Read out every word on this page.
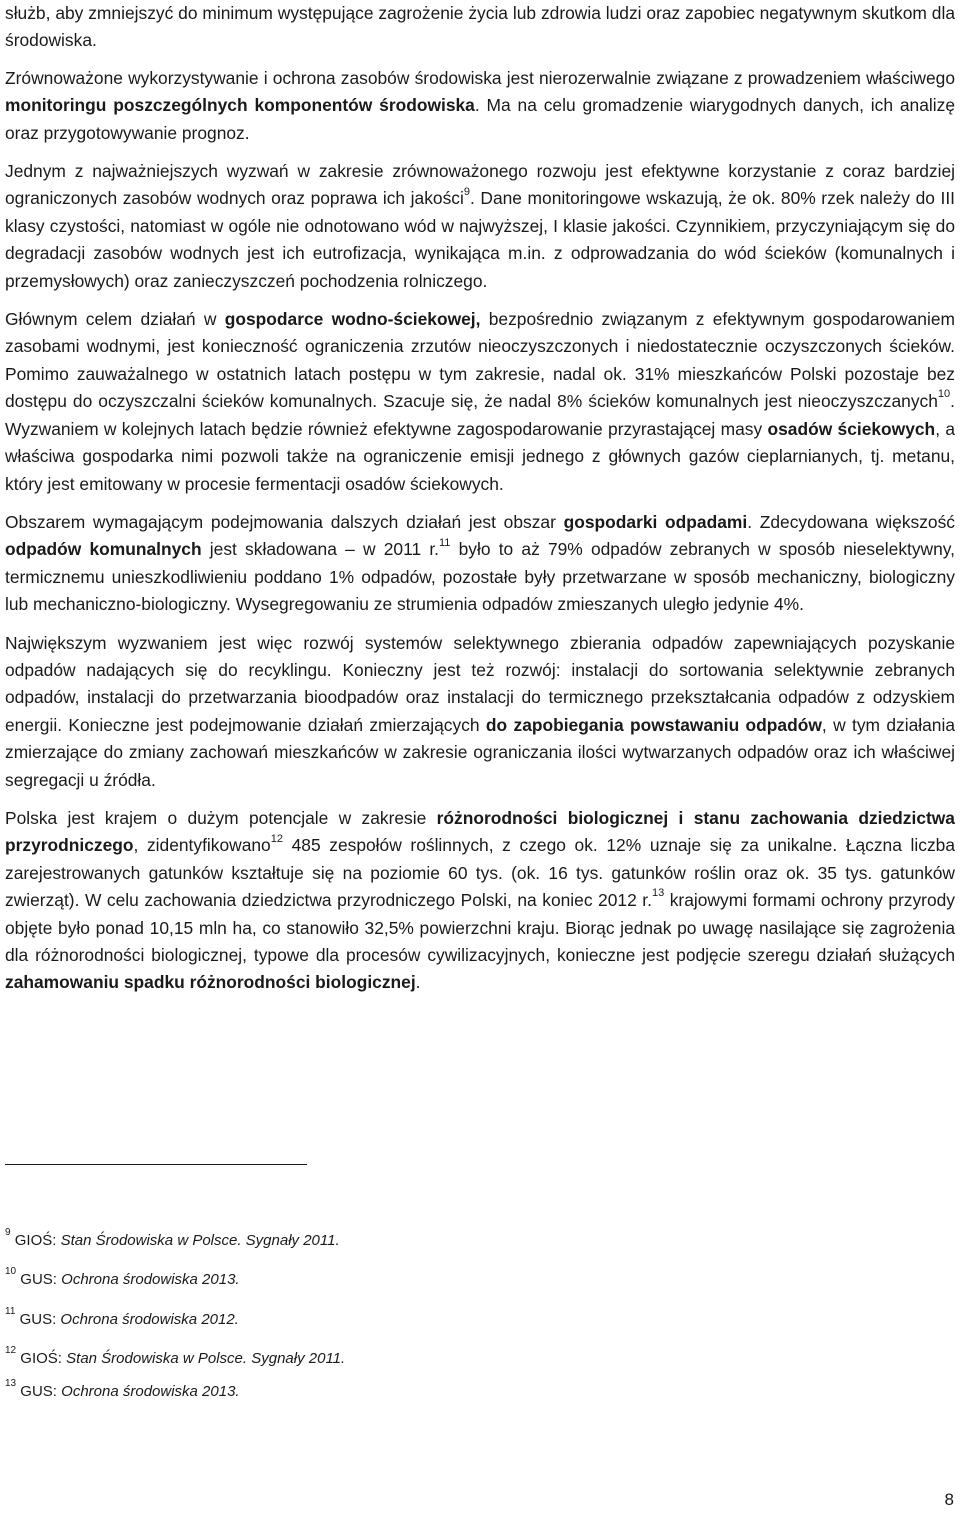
służb, aby zmniejszyć do minimum występujące zagrożenie życia lub zdrowia ludzi oraz zapobiec negatywnym skutkom dla środowiska.

Zrównoważone wykorzystywanie i ochrona zasobów środowiska jest nierozerwalnie związane z prowadzeniem właściwego monitoringu poszczególnych komponentów środowiska. Ma na celu gromadzenie wiarygodnych danych, ich analizę oraz przygotowywanie prognoz.

Jednym z najważniejszych wyzwań w zakresie zrównoważonego rozwoju jest efektywne korzystanie z coraz bardziej ograniczonych zasobów wodnych oraz poprawa ich jakości$^9$. Dane monitoringowe wskazują, że ok. 80% rzek należy do III klasy czystości, natomiast w ogóle nie odnotowano wód w najwyższej, I klasie jakości. Czynnikiem, przyczyniającym się do degradacji zasobów wodnych jest ich eutrofizacja, wynikająca m.in. z odprowadzania do wód ścieków (komunalnych i przemysłowych) oraz zanieczyszczeń pochodzenia rolniczego.

Głównym celem działań w gospodarce wodno-ściekowej, bezpośrednio związanym z efektywnym gospodarowaniem zasobami wodnymi, jest konieczność ograniczenia zrzutów nieoczyszczonych i niedostatecznie oczyszczonych ścieków. Pomimo zauważalnego w ostatnich latach postępu w tym zakresie, nadal ok. 31% mieszkańców Polski pozostaje bez dostępu do oczyszczalni ścieków komunalnych. Szacuje się, że nadal 8% ścieków komunalnych jest nieoczyszczanych$^{10}$. Wyzwaniem w kolejnych latach będzie również efektywne zagospodarowanie przyrastającej masy osadów ściekowych, a właściwa gospodarka nimi pozwoli także na ograniczenie emisji jednego z głównych gazów cieplarnianych, tj. metanu, który jest emitowany w procesie fermentacji osadów ściekowych.

Obszarem wymagającym podejmowania dalszych działań jest obszar gospodarki odpadami. Zdecydowana większość odpadów komunalnych jest składowana – w 2011 r.$^{11}$ było to aż 79% odpadów zebranych w sposób nieselektywny, termicznemu unieszkodliwieniu poddano 1% odpadów, pozostałe były przetwarzane w sposób mechaniczny, biologiczny lub mechaniczno-biologiczny. Wysegregowaniu ze strumienia odpadów zmieszanych uległo jedynie 4%.

Największym wyzwaniem jest więc rozwój systemów selektywnego zbierania odpadów zapewniających pozyskanie odpadów nadających się do recyklingu. Konieczny jest też rozwój: instalacji do sortowania selektywnie zebranych odpadów, instalacji do przetwarzania bioodpadów oraz instalacji do termicznego przekształcania odpadów z odzyskiem energii. Konieczne jest podejmowanie działań zmierzających do zapobiegania powstawaniu odpadów, w tym działania zmierzające do zmiany zachowań mieszkańców w zakresie ograniczania ilości wytwarzanych odpadów oraz ich właściwej segregacji u źródła.

Polska jest krajem o dużym potencjale w zakresie różnorodności biologicznej i stanu zachowania dziedzictwa przyrodniczego, zidentyfikowano$^{12}$ 485 zespołów roślinnych, z czego ok. 12% uznaje się za unikalne. Łączna liczba zarejestrowanych gatunków kształtuje się na poziomie 60 tys. (ok. 16 tys. gatunków roślin oraz ok. 35 tys. gatunków zwierząt). W celu zachowania dziedzictwa przyrodniczego Polski, na koniec 2012 r.$^{13}$ krajowymi formami ochrony przyrody objęte było ponad 10,15 mln ha, co stanowiło 32,5% powierzchni kraju. Biorąc jednak po uwagę nasilające się zagrożenia dla różnorodności biologicznej, typowe dla procesów cywilizacyjnych, konieczne jest podjęcie szeregu działań służących zahamowaniu spadku różnorodności biologicznej.

$^9$ GIOŚ: Stan Środowiska w Polsce. Sygnały 2011.
$^{10}$ GUS: Ochrona środowiska 2013.
$^{11}$ GUS: Ochrona środowiska 2012.
$^{12}$ GIOŚ: Stan Środowiska w Polsce. Sygnały 2011.
$^{13}$ GUS: Ochrona środowiska 2013.
8
